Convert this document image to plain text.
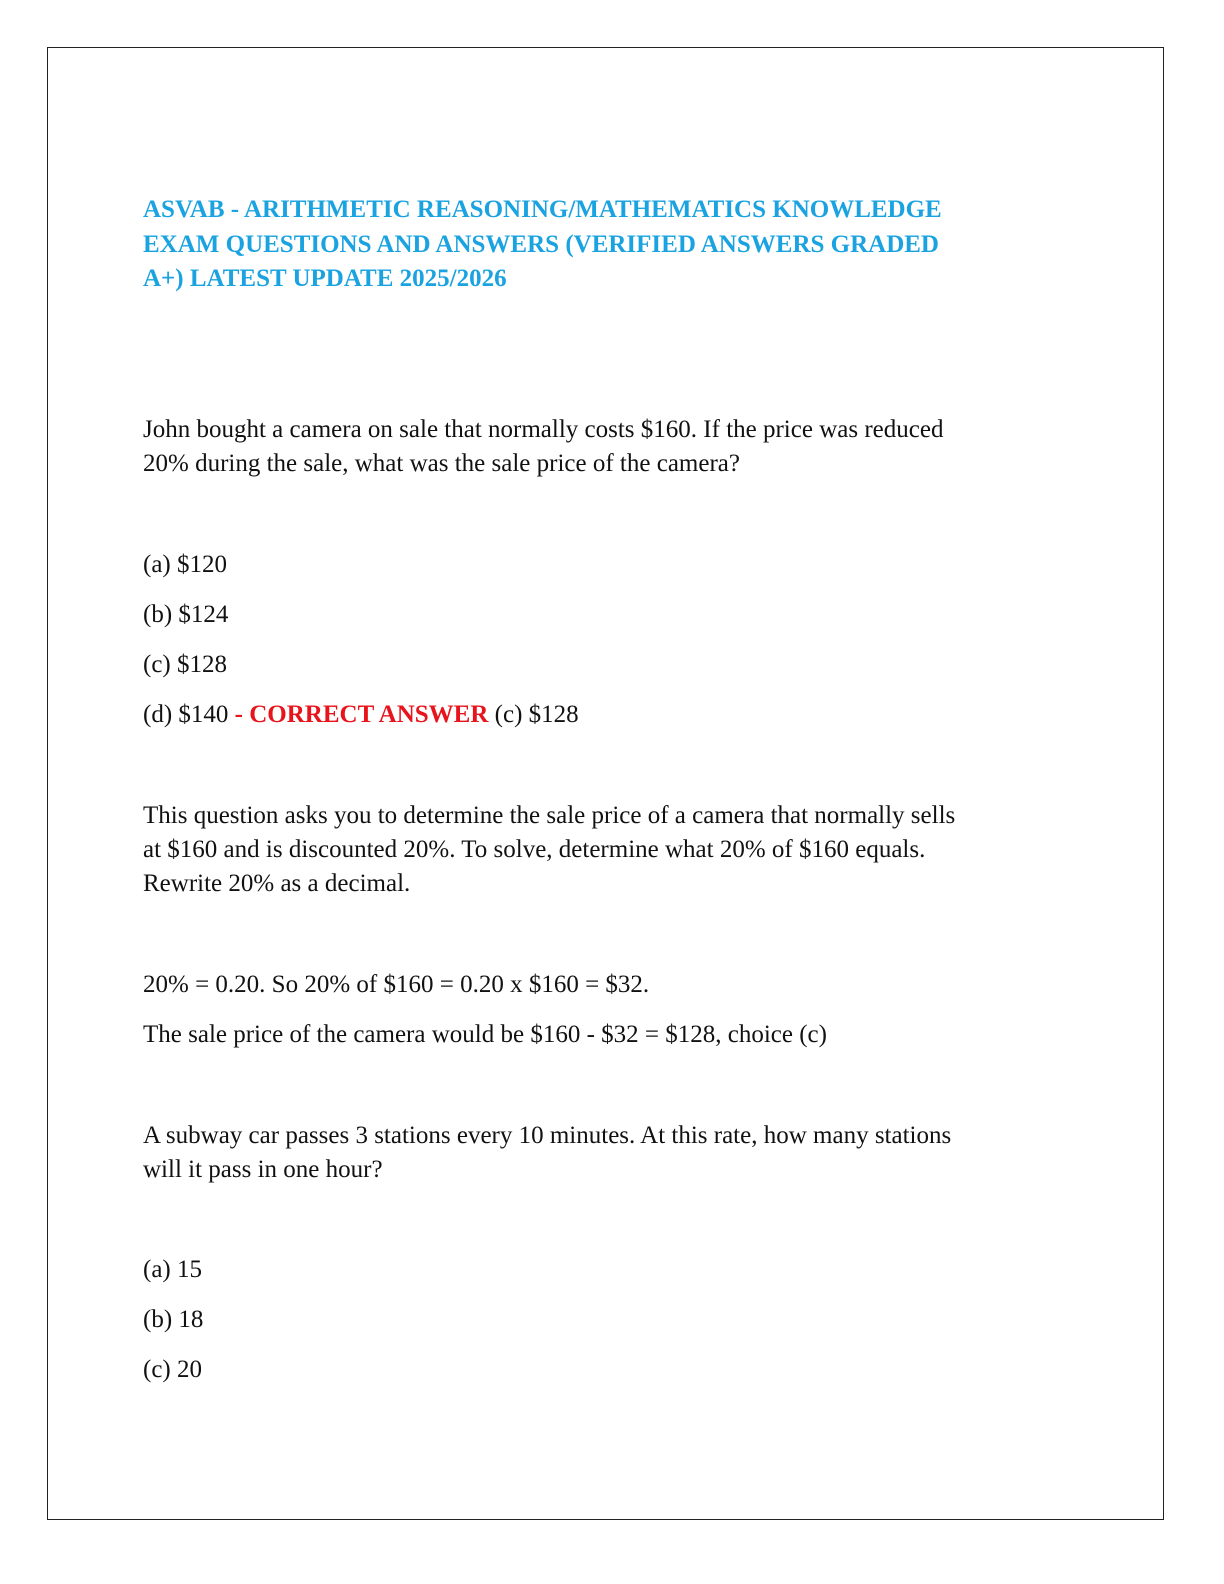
ASVAB - ARITHMETIC REASONING/MATHEMATICS KNOWLEDGE
EXAM QUESTIONS AND ANSWERS (VERIFIED ANSWERS GRADED
A+) LATEST UPDATE 2025/2026
John bought a camera on sale that normally costs $160. If the price was reduced
20% during the sale, what was the sale price of the camera?
(a) $120
(b) $124
(c) $128
(d) $140 - CORRECT ANSWER (c) $128
This question asks you to determine the sale price of a camera that normally sells
at $160 and is discounted 20%. To solve, determine what 20% of $160 equals.
Rewrite 20% as a decimal.
20% = 0.20. So 20% of $160 = 0.20 x $160 = $32.
The sale price of the camera would be $160 - $32 = $128, choice (c)
A subway car passes 3 stations every 10 minutes. At this rate, how many stations
will it pass in one hour?
(a) 15
(b) 18
(c) 20
